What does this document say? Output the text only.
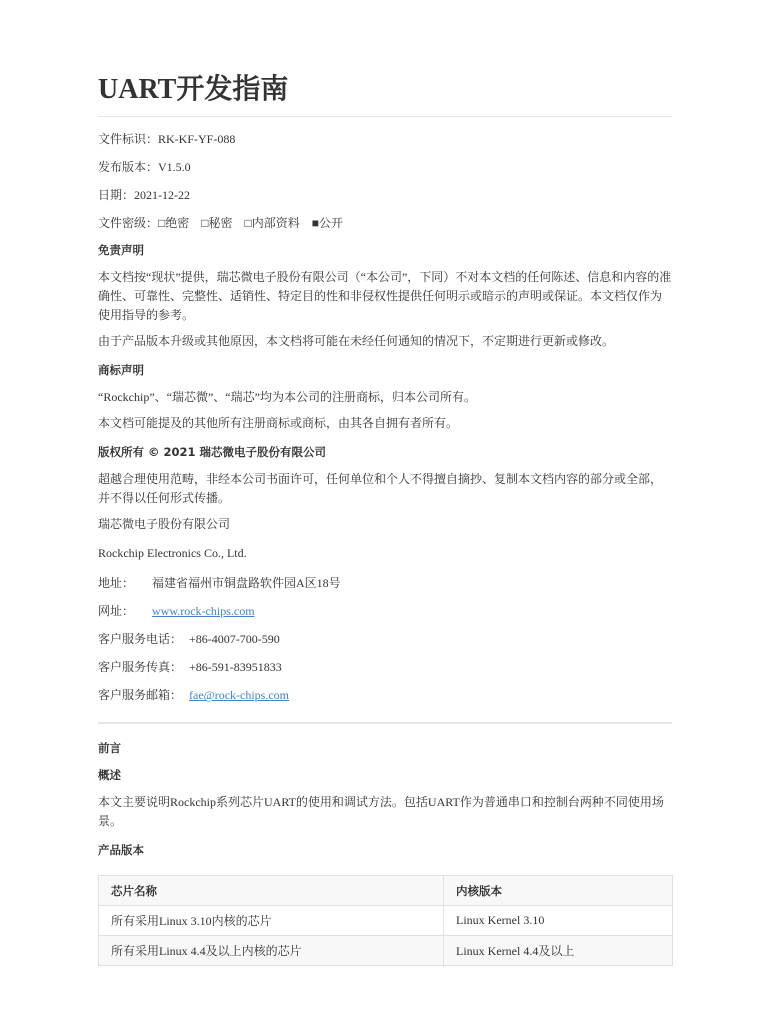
UART开发指南
文件标识：RK-KF-YF-088
发布版本：V1.5.0
日期：2021-12-22
文件密级：□绝密 □秘密 □内部资料 ■公开
免责声明
本文档按“现状”提供，瑞芯微电子股份有限公司（“本公司”，下同）不对本文档的任何陈述、信息和内容的准确性、可靠性、完整性、适销性、特定目的性和非侵权性提供任何明示或暗示的声明或保证。本文档仅作为使用指导的参考。
由于产品版本升级或其他原因，本文档将可能在未经任何通知的情况下，不定期进行更新或修改。
商标声明
“Rockchip”、“瑞芯微”、“瑞芯”均为本公司的注册商标，归本公司所有。
本文档可能提及的其他所有注册商标或商标，由其各自拥有者所有。
版权所有 © 2021 瑞芯微电子股份有限公司
超越合理使用范畴，非经本公司书面许可，任何单位和个人不得擅自摘抄、复制本文档内容的部分或全部，并不得以任何形式传播。
瑞芯微电子股份有限公司
Rockchip Electronics Co., Ltd.
地址：	福建省福州市铜盘路软件园A区18号
网址：	www.rock-chips.com
客户服务电话： +86-4007-700-590
客户服务传真： +86-591-83951833
客户服务邮箱： fae@rock-chips.com
前言
概述
本文主要说明Rockchip系列芯片UART的使用和调试方法。包括UART作为普通串口和控制台两种不同使用场景。
产品版本
芯片名称	内核版本
所有采用Linux 3.10内核的芯片	Linux Kernel 3.10
所有采用Linux 4.4及以上内核的芯片	Linux Kernel 4.4及以上
